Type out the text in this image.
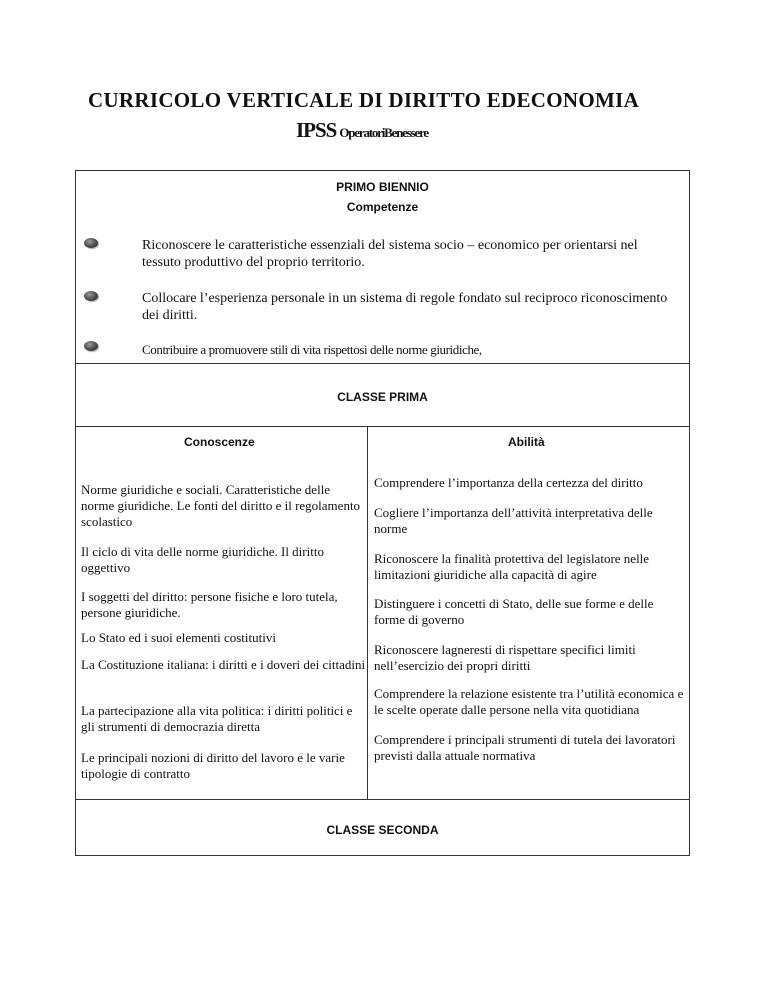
CURRICOLO VERTICALE DI DIRITTO EDECONOMIA
IPSS OperatoriBenessere
PRIMO BIENNIO
Competenze
Riconoscere le caratteristiche essenziali del sistema socio – economico per orientarsi nel tessuto produttivo del proprio territorio.
Collocare l’esperienza personale in un sistema di regole fondato sul reciproco riconoscimento dei diritti.
Contribuire a promuovere stili di vita rispettosi delle norme giuridiche,
CLASSE PRIMA
Conoscenze	Abilità
Norme giuridiche e sociali. Caratteristiche delle norme giuridiche. Le fonti del diritto e il regolamento scolastico
Il ciclo di vita delle norme giuridiche. Il diritto oggettivo
I soggetti del diritto: persone fisiche e loro tutela, persone giuridiche.
Lo Stato ed i suoi elementi costitutivi
La Costituzione italiana: i diritti e i doveri dei cittadini
La partecipazione alla vita politica: i diritti politici e gli strumenti di democrazia diretta
Le principali nozioni di diritto del lavoro e le varie tipologie di contratto
Comprendere l’importanza della certezza del diritto
Cogliere l’importanza dell’attività interpretativa delle norme
Riconoscere la finalità protettiva del legislatore nelle limitazioni giuridiche alla capacità di agire
Distinguere i concetti di Stato, delle sue forme e delle forme di governo
Riconoscere lagneresti di rispettare specifici limiti nell’esercizio dei propri diritti
Comprendere la relazione esistente tra l’utilità economica e le scelte operate dalle persone nella vita quotidiana
Comprendere i principali strumenti di tutela dei lavoratori previsti dalla attuale normativa
CLASSE SECONDA
